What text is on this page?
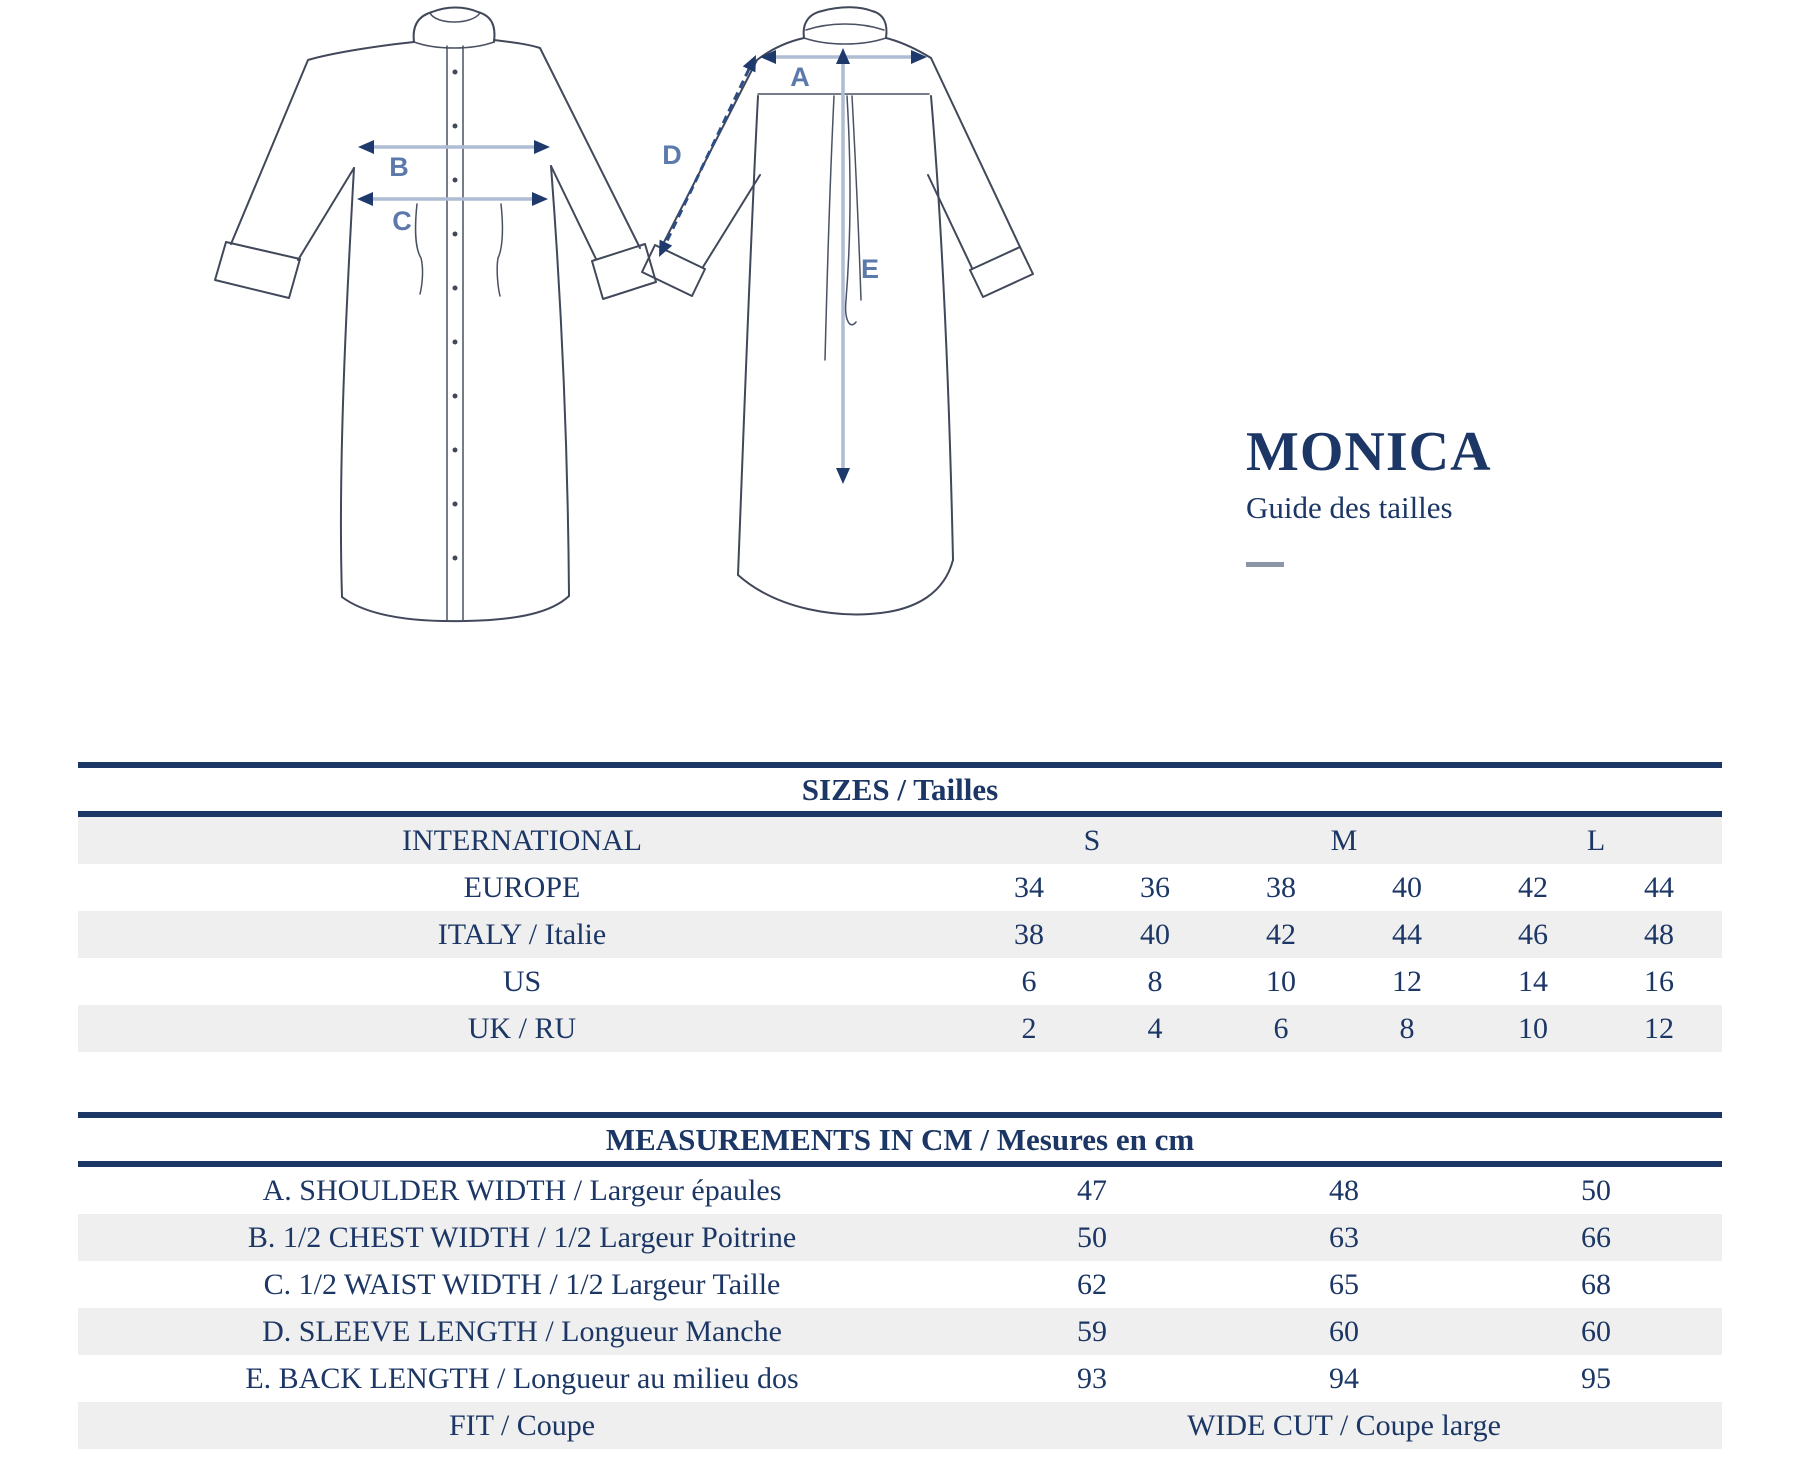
B
C
A
D
E
MONICA

Guide des tailles

SIZES / Tailles
INTERNATIONAL	S	M	L
EUROPE	34	36	38	40	42	44
ITALY / Italie	38	40	42	44	46	48
US	6	8	10	12	14	16
UK / RU	2	4	6	8	10	12
MEASUREMENTS IN CM / Mesures en cm
A. SHOULDER WIDTH / Largeur épaules	47	48	50
B. 1/2 CHEST WIDTH / 1/2 Largeur Poitrine	50	63	66
C. 1/2 WAIST WIDTH / 1/2 Largeur Taille	62	65	68
D. SLEEVE LENGTH / Longueur Manche	59	60	60
E. BACK LENGTH / Longueur au milieu dos	93	94	95
FIT / Coupe	WIDE CUT / Coupe large
